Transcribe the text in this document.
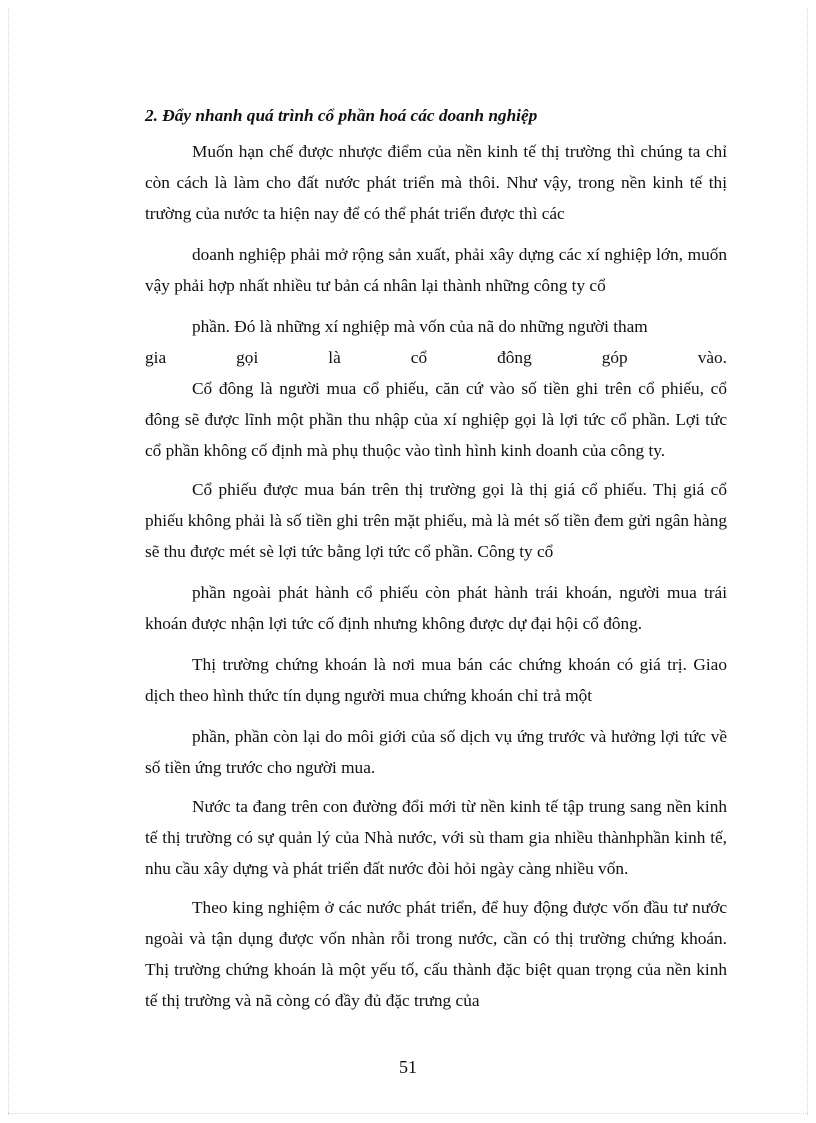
2. Đẩy nhanh quá trình cổ phần hoá các doanh nghiệp

Muốn hạn chế được nhược điểm của nền kinh tế thị trường thì chúng ta chỉ còn cách là làm cho đất nước phát triển mà thôi. Như vậy, trong nền kinh tế thị trường của nước ta hiện nay để có thể phát triển được thì các

doanh nghiệp phải mở rộng sản xuất, phải xây dựng các xí nghiệp lớn, muốn vậy phải hợp nhất nhiều tư bản cá nhân lại thành những công ty cổ

phần. Đó là những xí nghiệp mà vốn của nã do những người tham

gia gọi là cổ đông góp vào.

Cổ đông là người mua cổ phiếu, căn cứ vào số tiền ghi trên cổ phiếu, cổ đông sẽ được lĩnh một phần thu nhập của xí nghiệp gọi là lợi tức cổ phần. Lợi tức cổ phần không cố định mà phụ thuộc vào tình hình kinh doanh của công ty.

Cổ phiếu được mua bán trên thị trường gọi là thị giá cổ phiếu. Thị giá cổ phiếu không phải là số tiền ghi trên mặt phiếu, mà là mét số tiền đem gửi ngân hàng sẽ thu được mét sè lợi tức bằng lợi tức cổ phần. Công ty cổ

phần ngoài phát hành cổ phiếu còn phát hành trái khoán, người mua trái khoán được nhận lợi tức cố định nhưng không được dự đại hội cổ đông.

Thị trường chứng khoán là nơi mua bán các chứng khoán có giá trị. Giao dịch theo hình thức tín dụng người mua chứng khoán chỉ trả một

phần, phần còn lại do môi giới của số dịch vụ ứng trước và hưởng lợi tức về số tiền ứng trước cho người mua.

Nước ta đang trên con đường đổi mới từ nền kinh tế tập trung sang nền kinh tế thị trường có sự quản lý của Nhà nước, với sù tham gia nhiều thànhphần kinh tế, nhu cầu xây dựng và phát triển đất nước đòi hỏi ngày càng nhiều vốn.

Theo king nghiệm ở các nước phát triển, để huy động được vốn đầu tư nước ngoài và tận dụng được vốn nhàn rỗi trong nước, cần có thị trường chứng khoán. Thị trường chứng khoán là một yếu tố, cấu thành đặc biệt quan trọng của nền kinh tế thị trường và nã còng có đầy đủ đặc trưng của

51
